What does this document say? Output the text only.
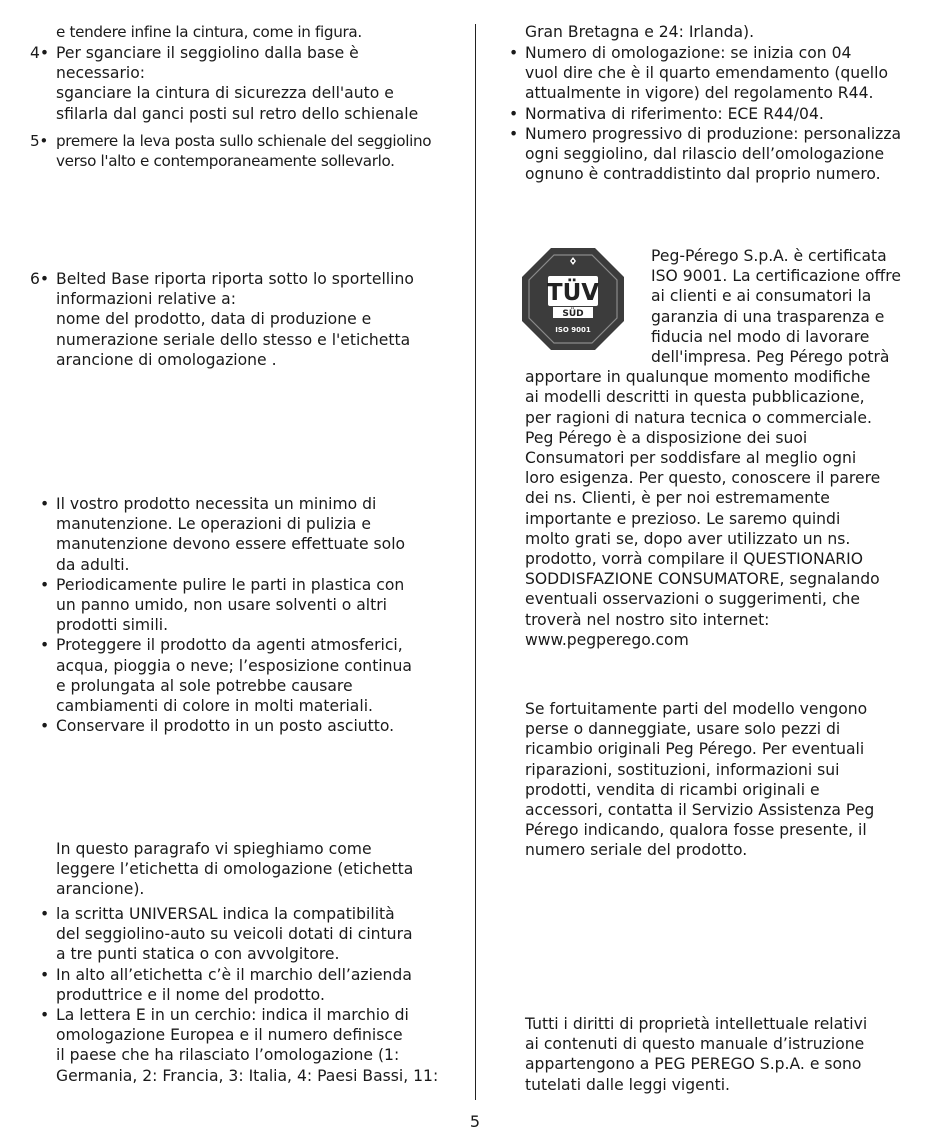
e tendere infine la cintura, come in figura.

4• Per sganciare il seggiolino dalla base è
necessario:
sganciare la cintura di sicurezza dell'auto e
sfilarla dal ganci posti sul retro dello schienale
5• premere la leva posta sullo schienale del seggiolino
verso l'alto e contemporaneamente sollevarlo.
6• Belted Base riporta riporta sotto lo sportellino
informazioni relative a:
nome del prodotto, data di produzione e
numerazione seriale dello stesso e l'etichetta
arancione di omologazione .
• Il vostro prodotto necessita un minimo di
manutenzione. Le operazioni di pulizia e
manutenzione devono essere effettuate solo
da adulti.
• Periodicamente pulire le parti in plastica con
un panno umido, non usare solventi o altri
prodotti simili.
• Proteggere il prodotto da agenti atmosferici,
acqua, pioggia o neve; l’esposizione continua
e prolungata al sole potrebbe causare
cambiamenti di colore in molti materiali.
• Conservare il prodotto in un posto asciutto.
In questo paragrafo vi spieghiamo come
leggere l’etichetta di omologazione (etichetta
arancione).
• la scritta UNIVERSAL indica la compatibilità
del seggiolino-auto su veicoli dotati di cintura
a tre punti statica o con avvolgitore.
• In alto all’etichetta c’è il marchio dell’azienda
produttrice e il nome del prodotto.
• La lettera E in un cerchio: indica il marchio di
omologazione Europea e il numero definisce
il paese che ha rilasciato l’omologazione (1:
Germania, 2: Francia, 3: Italia, 4: Paesi Bassi, 11:

Gran Bretagna e 24: Irlanda).

• Numero di omologazione: se inizia con 04
vuol dire che è il quarto emendamento (quello
attualmente in vigore) del regolamento R44.
• Normativa di riferimento: ECE R44/04.
• Numero progressivo di produzione: personalizza
ogni seggiolino, dal rilascio dell’omologazione
ognuno è contraddistinto dal proprio numero.
TÜV
SÜD
ISO 9001
Peg-Pérego S.p.A. è certificata
ISO 9001. La certificazione offre
ai clienti e ai consumatori la
garanzia di una trasparenza e
fiducia nel modo di lavorare
dell'impresa. Peg Pérego potrà
apportare in qualunque momento modifiche
ai modelli descritti in questa pubblicazione,
per ragioni di natura tecnica o commerciale.
Peg Pérego è a disposizione dei suoi
Consumatori per soddisfare al meglio ogni
loro esigenza. Per questo, conoscere il parere
dei ns. Clienti, è per noi estremamente
importante e prezioso. Le saremo quindi
molto grati se, dopo aver utilizzato un ns.
prodotto, vorrà compilare il QUESTIONARIO
SODDISFAZIONE CONSUMATORE, segnalando
eventuali osservazioni o suggerimenti, che
troverà nel nostro sito internet:
www.pegperego.com
Se fortuitamente parti del modello vengono
perse o danneggiate, usare solo pezzi di
ricambio originali Peg Pérego. Per eventuali
riparazioni, sostituzioni, informazioni sui
prodotti, vendita di ricambi originali e
accessori, contatta il Servizio Assistenza Peg
Pérego indicando, qualora fosse presente, il
numero seriale del prodotto.
Tutti i diritti di proprietà intellettuale relativi
ai contenuti di questo manuale d’istruzione
appartengono a PEG PEREGO S.p.A. e sono
tutelati dalle leggi vigenti.
5
